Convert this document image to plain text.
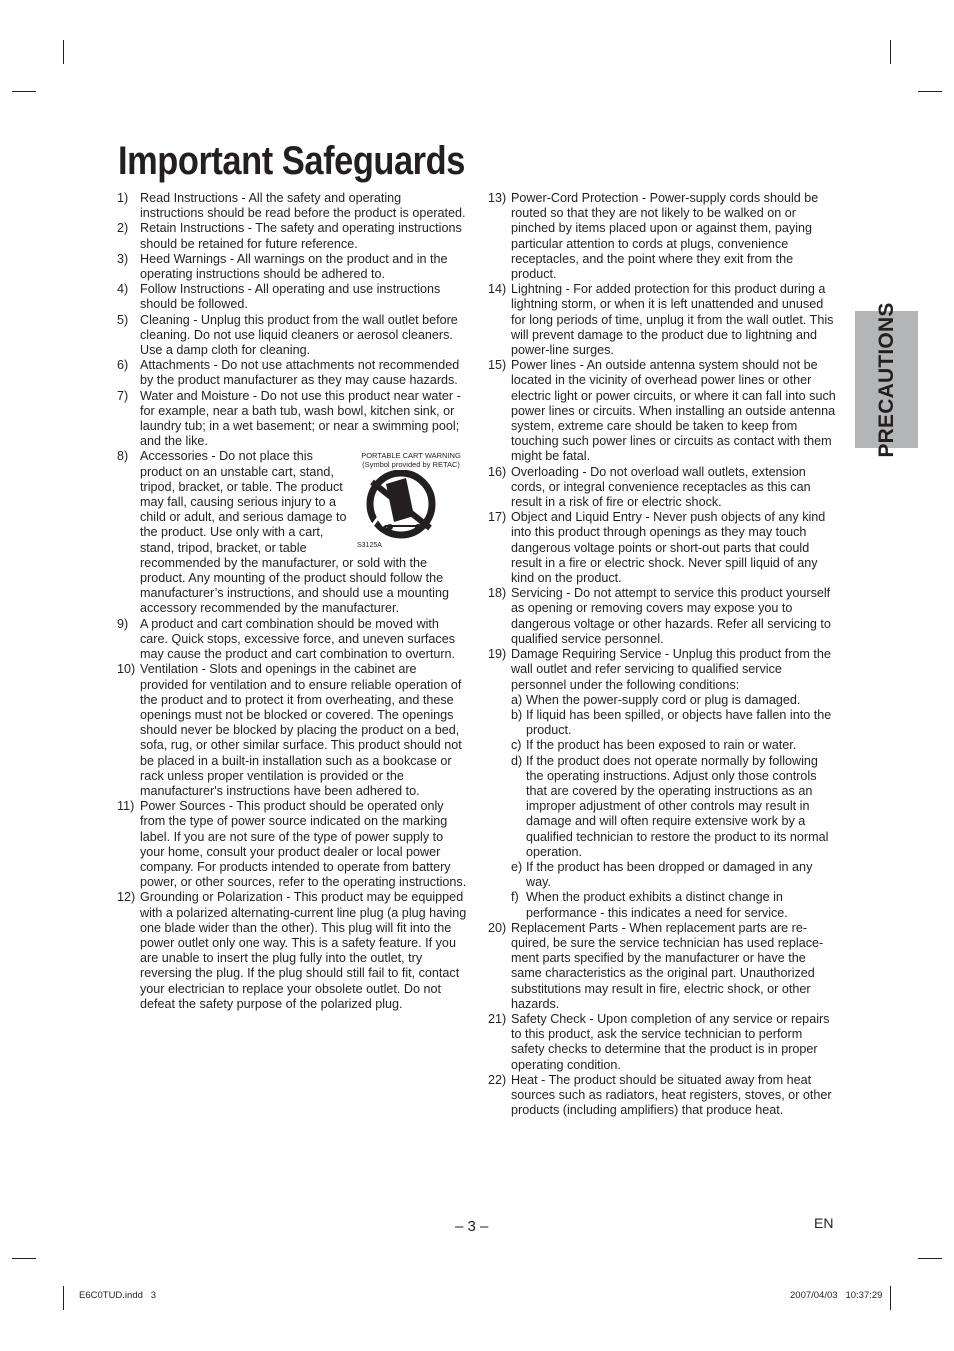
Important Safeguards
PRECAUTIONS
1) Read Instructions - All the safety and operating instructions should be read before the product is operated.
2) Retain Instructions - The safety and operating instructions should be retained for future reference.
3) Heed Warnings - All warnings on the product and in the operating instructions should be adhered to.
4) Follow Instructions - All operating and use instructions should be followed.
5) Cleaning - Unplug this product from the wall outlet before cleaning. Do not use liquid cleaners or aerosol cleaners. Use a damp cloth for cleaning.
6) Attachments - Do not use attachments not recommended by the product manufacturer as they may cause hazards.
7) Water and Moisture - Do not use this product near water - for example, near a bath tub, wash bowl, kitchen sink, or laundry tub; in a wet basement; or near a swimming pool; and the like.
8)	PORTABLE CART WARNING
(Symbol provided by RETAC)
S3125A
Accessories - Do not place this product on an unstable cart, stand, tripod, bracket, or table. The product may fall, causing serious injury to a child or adult, and serious damage to the product. Use only with a cart, stand, tripod, bracket, or table recommended by the manufacturer, or sold with the product. Any mounting of the product should follow the manufacturer’s instructions, and should use a mounting accessory recommended by the manufacturer.
9) A product and cart combination should be moved with care. Quick stops, excessive force, and uneven surfaces may cause the product and cart combination to overturn.
10) Ventilation - Slots and openings in the cabinet are provided for ventilation and to ensure reliable operation of the product and to protect it from overheating, and these openings must not be blocked or covered. The openings should never be blocked by placing the product on a bed, sofa, rug, or other similar surface. This product should not be placed in a built-in installation such as a bookcase or rack unless proper ventilation is provided or the manufacturer's instructions have been adhered to.
11) Power Sources - This product should be operated only from the type of power source indicated on the marking label. If you are not sure of the type of power supply to your home, consult your product dealer or local power company. For products intended to operate from battery power, or other sources, refer to the operating instructions.
12) Grounding or Polarization - This product may be equipped with a polarized alternating-current line plug (a plug having one blade wider than the other). This plug will fit into the power outlet only one way. This is a safety feature. If you are unable to insert the plug fully into the outlet, try reversing the plug. If the plug should still fail to fit, contact your electrician to replace your obsolete outlet. Do not defeat the safety purpose of the polarized plug.
13) Power-Cord Protection - Power-supply cords should be routed so that they are not likely to be walked on or pinched by items placed upon or against them, paying particular attention to cords at plugs, convenience receptacles, and the point where they exit from the product.
14) Lightning - For added protection for this product during a lightning storm, or when it is left unattended and unused for long periods of time, unplug it from the wall outlet. This will prevent damage to the product due to lightning and power-line surges.
15) Power lines - An outside antenna system should not be located in the vicinity of overhead power lines or other electric light or power circuits, or where it can fall into such power lines or circuits. When installing an outside antenna system, extreme care should be taken to keep from touching such power lines or circuits as contact with them might be fatal.
16) Overloading - Do not overload wall outlets, extension cords, or integral convenience receptacles as this can result in a risk of fire or electric shock.
17) Object and Liquid Entry - Never push objects of any kind into this product through openings as they may touch dangerous voltage points or short-out parts that could result in a fire or electric shock. Never spill liquid of any kind on the product.
18) Servicing - Do not attempt to service this product yourself as opening or removing covers may expose you to dangerous voltage or other hazards. Refer all servicing to qualified service personnel.
19) Damage Requiring Service - Unplug this product from the wall outlet and refer servicing to qualified service personnel under the following conditions:
a) When the power-supply cord or plug is damaged.
b) If liquid has been spilled, or objects have fallen into the product.
c) If the product has been exposed to rain or water.
d) If the product does not operate normally by following the operating instructions. Adjust only those controls that are covered by the operating instructions as an improper adjustment of other controls may result in damage and will often require extensive work by a qualified technician to restore the product to its normal operation.
e) If the product has been dropped or damaged in any way.
f) When the product exhibits a distinct change in performance - this indicates a need for service.
20) Replacement Parts - When replacement parts are re-quired, be sure the service technician has used replace-ment parts specified by the manufacturer or have the same characteristics as the original part. Unauthorized substitutions may result in fire, electric shock, or other hazards.
21) Safety Check - Upon completion of any service or repairs to this product, ask the service technician to perform safety checks to determine that the product is in proper operating condition.
22) Heat - The product should be situated away from heat sources such as radiators, heat registers, stoves, or other products (including amplifiers) that produce heat.
– 3 –	EN
E6C0TUD.indd   3	2007/04/03   10:37:29
